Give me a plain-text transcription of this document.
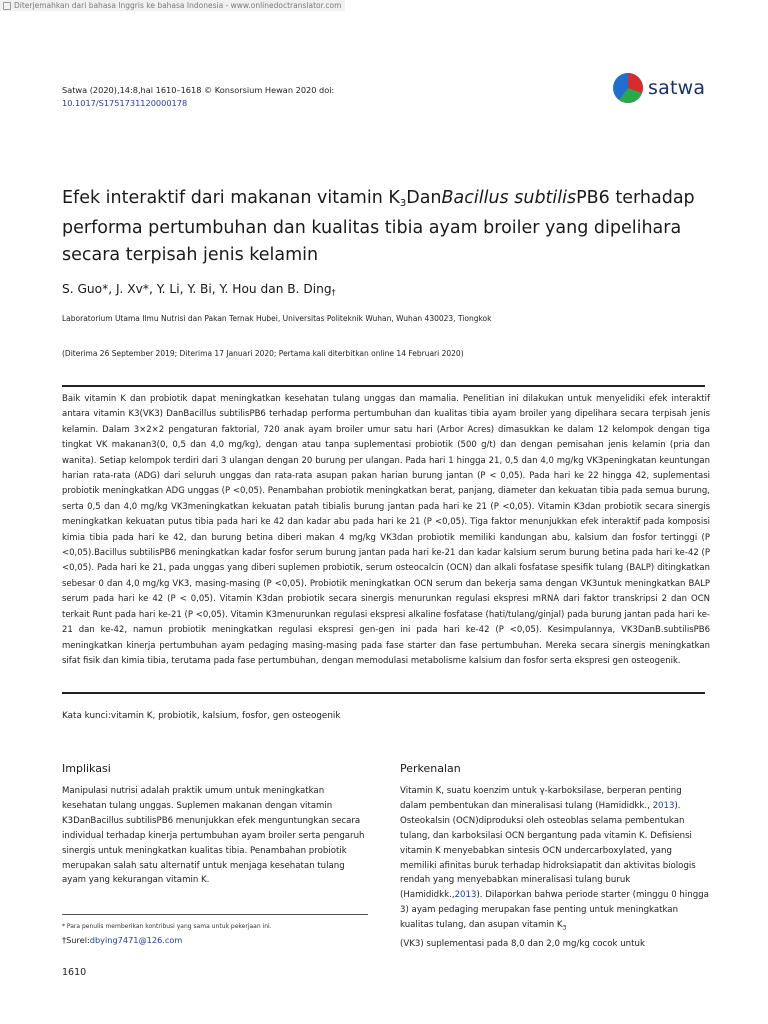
Diterjemahkan dari bahasa Inggris ke bahasa Indonesia - www.onlinedoctranslator.com
Satwa (2020),14:8,hal 1610–1618 © Konsorsium Hewan 2020 doi:
10.1017/S1751731120000178
satwa
Efek interaktif dari makanan vitamin $K_3DanBacillus$ subtilisPB6 terhadap performa pertumbuhan dan kualitas tibia ayam broiler yang dipelihara secara terpisah jenis kelamin
S. Guo*, J. Xv*, Y. Li, Y. Bi, Y. Hou dan B. Ding†
Laboratorium Utama Ilmu Nutrisi dan Pakan Ternak Hubei, Universitas Politeknik Wuhan, Wuhan 430023, Tiongkok
(Diterima 26 September 2019; Diterima 17 Januari 2020; Pertama kali diterbitkan online 14 Februari 2020)
Baik vitamin K dan probiotik dapat meningkatkan kesehatan tulang unggas dan mamalia. Penelitian ini dilakukan untuk menyelidiki efek interaktif antara vitamin K3(VK3) DanBacillus subtilisPB6 terhadap performa pertumbuhan dan kualitas tibia ayam broiler yang dipelihara secara terpisah jenis kelamin. Dalam 3×2×2 pengaturan faktorial, 720 anak ayam broiler umur satu hari (Arbor Acres) dimasukkan ke dalam 12 kelompok dengan tiga tingkat VK makanan3(0, 0,5 dan 4,0 mg/kg), dengan atau tanpa suplementasi probiotik (500 g/t) dan dengan pemisahan jenis kelamin (pria dan wanita). Setiap kelompok terdiri dari 3 ulangan dengan 20 burung per ulangan. Pada hari 1 hingga 21, 0,5 dan 4,0 mg/kg VK3peningkatan keuntungan harian rata-rata (ADG) dari seluruh unggas dan rata-rata asupan pakan harian burung jantan (P < 0,05). Pada hari ke 22 hingga 42, suplementasi probiotik meningkatkan ADG unggas (P <0,05). Penambahan probiotik meningkatkan berat, panjang, diameter dan kekuatan tibia pada semua burung, serta 0,5 dan 4,0 mg/kg VK3meningkatkan kekuatan patah tibialis burung jantan pada hari ke 21 (P <0,05). Vitamin K3dan probiotik secara sinergis meningkatkan kekuatan putus tibia pada hari ke 42 dan kadar abu pada hari ke 21 (P <0,05). Tiga faktor menunjukkan efek interaktif pada komposisi kimia tibia pada hari ke 42, dan burung betina diberi makan 4 mg/kg VK3dan probiotik memiliki kandungan abu, kalsium dan fosfor tertinggi (P <0,05).Bacillus subtilisPB6 meningkatkan kadar fosfor serum burung jantan pada hari ke-21 dan kadar kalsium serum burung betina pada hari ke-42 (P <0,05). Pada hari ke 21, pada unggas yang diberi suplemen probiotik, serum osteocalcin (OCN) dan alkali fosfatase spesifik tulang (BALP) ditingkatkan sebesar 0 dan 4,0 mg/kg VK3, masing-masing (P <0,05). Probiotik meningkatkan OCN serum dan bekerja sama dengan VK3untuk meningkatkan BALP serum pada hari ke 42 (P < 0,05). Vitamin K3dan probiotik secara sinergis menurunkan regulasi ekspresi mRNA dari faktor transkripsi 2 dan OCN terkait Runt pada hari ke-21 (P <0,05). Vitamin K3menurunkan regulasi ekspresi alkaline fosfatase (hati/tulang/ginjal) pada burung jantan pada hari ke-21 dan ke-42, namun probiotik meningkatkan regulasi ekspresi gen-gen ini pada hari ke-42 (P <0,05). Kesimpulannya, VK3DanB.subtilisPB6 meningkatkan kinerja pertumbuhan ayam pedaging masing-masing pada fase starter dan fase pertumbuhan. Mereka secara sinergis meningkatkan sifat fisik dan kimia tibia, terutama pada fase pertumbuhan, dengan memodulasi metabolisme kalsium dan fosfor serta ekspresi gen osteogenik.
Kata kunci:vitamin K, probiotik, kalsium, fosfor, gen osteogenik
Implikasi
Manipulasi nutrisi adalah praktik umum untuk meningkatkan kesehatan tulang unggas. Suplemen makanan dengan vitamin K3DanBacillus subtilisPB6 menunjukkan efek menguntungkan secara individual terhadap kinerja pertumbuhan ayam broiler serta pengaruh sinergis untuk meningkatkan kualitas tibia. Penambahan probiotik merupakan salah satu alternatif untuk menjaga kesehatan tulang ayam yang kekurangan vitamin K.
* Para penulis memberikan kontribusi yang sama untuk pekerjaan ini.
†Surel:dbying7471@126.com
1610
Perkenalan
Vitamin K, suatu koenzim untuk γ-karboksilase, berperan penting dalam pembentukan dan mineralisasi tulang (Hamididkk., 2013). Osteokalsin (OCN)diproduksi oleh osteoblas selama pembentukan tulang, dan karboksilasi OCN bergantung pada vitamin K. Defisiensi vitamin K menyebabkan sintesis OCN undercarboxylated, yang memiliki afinitas buruk terhadap hidroksiapatit dan aktivitas biologis rendah yang menyebabkan mineralisasi tulang buruk (Hamididkk.,2013). Dilaporkan bahwa periode starter (minggu 0 hingga 3) ayam pedaging merupakan fase penting untuk meningkatkan kualitas tulang, dan asupan vitamin $K_3$
(VK3) suplementasi pada 8,0 dan 2,0 mg/kg cocok untuk
